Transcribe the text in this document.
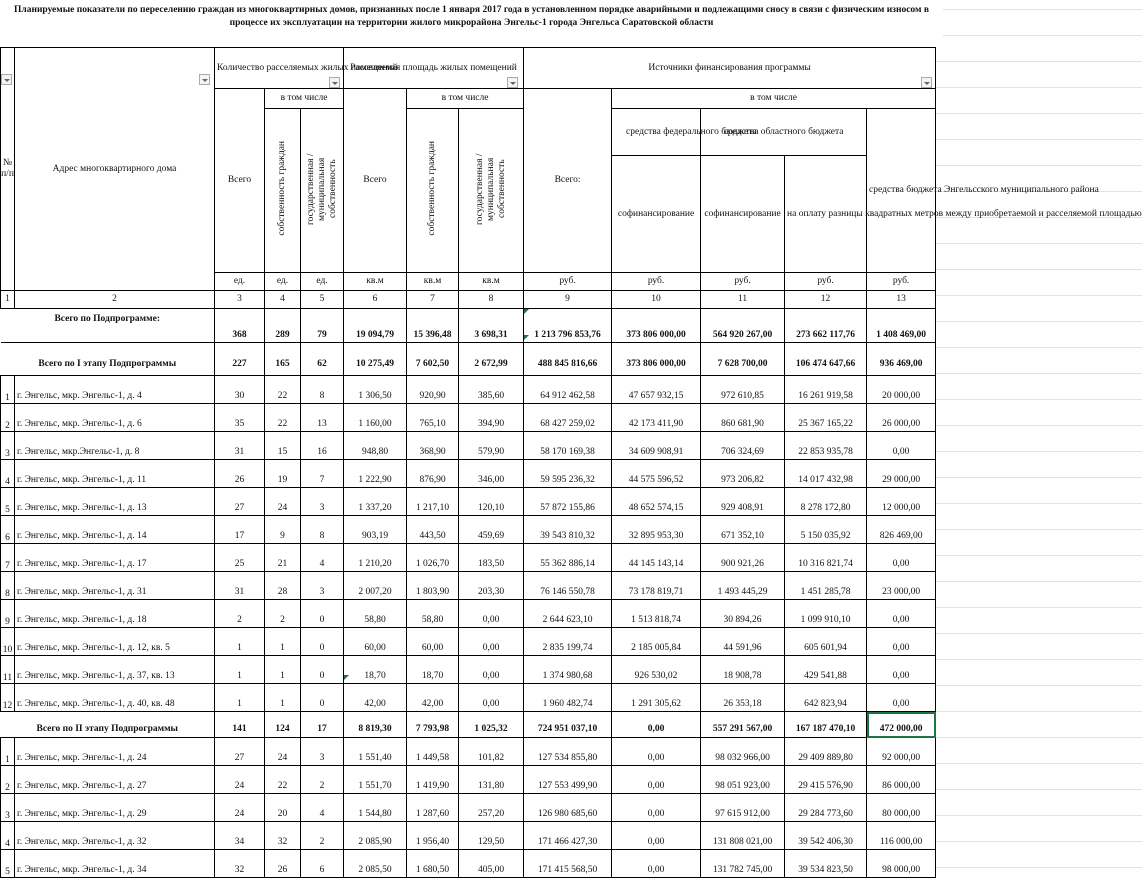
Планируемые показатели по переселению граждан из многоквартирных домов, признанных после 1 января 2017 года в установленном порядке аварийными и подлежащими сносу в связи с физическим износом в
процессе их эксплуатации на территории жилого микрорайона Энгельс-1 города Энгельса Саратовской области
№ п/п	Адрес многоквартирного дома	Количество расселяемых жилых помещений			Расселяемая площадь жилых помещений			Источники финансирования программы				
		Всего	в том числе		Всего	в том числе		Всего:	в том числе			
			собственность граждан	государственная /муниципальная собственность		собственность граждан	государственная /муниципальная собственность		средства федерального бюджета	средства областного бюджета		средства бюджета Энгельсского муниципального района
									софинансирование	софинансирование	на оплату разницы квадратных метров между приобретаемой и расселяемой площадью	
		ед.	ед.	ед.	кв.м	кв.м	кв.м	руб.	руб.	руб.	руб.	руб.
1	2	3	4	5	6	7	8	9	10	11	12	13
Всего по Подпрограмме:		368	289	79	19 094,79	15 396,48	3 698,31	1 213 796 853,76	373 806 000,00	564 920 267,00	273 662 117,76	1 408 469,00
Всего по I этапу Подпрограммы		227	165	62	10 275,49	7 602,50	2 672,99	488 845 816,66	373 806 000,00	7 628 700,00	106 474 647,66	936 469,00
1	г. Энгельс, мкр. Энгельс-1, д. 4	30	22	8	1 306,50	920,90	385,60	64 912 462,58	47 657 932,15	972 610,85	16 261 919,58	20 000,00
2	г. Энгельс, мкр. Энгельс-1, д. 6	35	22	13	1 160,00	765,10	394,90	68 427 259,02	42 173 411,90	860 681,90	25 367 165,22	26 000,00
3	г. Энгельс, мкр.Энгельс-1, д. 8	31	15	16	948,80	368,90	579,90	58 170 169,38	34 609 908,91	706 324,69	22 853 935,78	0,00
4	г. Энгельс, мкр. Энгельс-1, д. 11	26	19	7	1 222,90	876,90	346,00	59 595 236,32	44 575 596,52	973 206,82	14 017 432,98	29 000,00
5	г. Энгельс, мкр. Энгельс-1, д. 13	27	24	3	1 337,20	1 217,10	120,10	57 872 155,86	48 652 574,15	929 408,91	8 278 172,80	12 000,00
6	г. Энгельс, мкр. Энгельс-1, д. 14	17	9	8	903,19	443,50	459,69	39 543 810,32	32 895 953,30	671 352,10	5 150 035,92	826 469,00
7	г. Энгельс, мкр. Энгельс-1, д. 17	25	21	4	1 210,20	1 026,70	183,50	55 362 886,14	44 145 143,14	900 921,26	10 316 821,74	0,00
8	г. Энгельс, мкр. Энгельс-1, д. 31	31	28	3	2 007,20	1 803,90	203,30	76 146 550,78	73 178 819,71	1 493 445,29	1 451 285,78	23 000,00
9	г. Энгельс, мкр. Энгельс-1, д. 18	2	2	0	58,80	58,80	0,00	2 644 623,10	1 513 818,74	30 894,26	1 099 910,10	0,00
10	г. Энгельс, мкр. Энгельс-1, д. 12, кв. 5	1	1	0	60,00	60,00	0,00	2 835 199,74	2 185 005,84	44 591,96	605 601,94	0,00
11	г. Энгельс, мкр. Энгельс-1, д. 37, кв. 13	1	1	0	18,70	18,70	0,00	1 374 980,68	926 530,02	18 908,78	429 541,88	0,00
12	г. Энгельс, мкр. Энгельс-1, д. 40, кв. 48	1	1	0	42,00	42,00	0,00	1 960 482,74	1 291 305,62	26 353,18	642 823,94	0,00
Всего по II этапу Подпрограммы		141	124	17	8 819,30	7 793,98	1 025,32	724 951 037,10	0,00	557 291 567,00	167 187 470,10	472 000,00
1	г. Энгельс, мкр. Энгельс-1, д. 24	27	24	3	1 551,40	1 449,58	101,82	127 534 855,80	0,00	98 032 966,00	29 409 889,80	92 000,00
2	г. Энгельс, мкр. Энгельс-1, д. 27	24	22	2	1 551,70	1 419,90	131,80	127 553 499,90	0,00	98 051 923,00	29 415 576,90	86 000,00
3	г. Энгельс, мкр. Энгельс-1, д. 29	24	20	4	1 544,80	1 287,60	257,20	126 980 685,60	0,00	97 615 912,00	29 284 773,60	80 000,00
4	г. Энгельс, мкр. Энгельс-1, д. 32	34	32	2	2 085,90	1 956,40	129,50	171 466 427,30	0,00	131 808 021,00	39 542 406,30	116 000,00
5	г. Энгельс, мкр. Энгельс-1, д. 34	32	26	6	2 085,50	1 680,50	405,00	171 415 568,50	0,00	131 782 745,00	39 534 823,50	98 000,00
